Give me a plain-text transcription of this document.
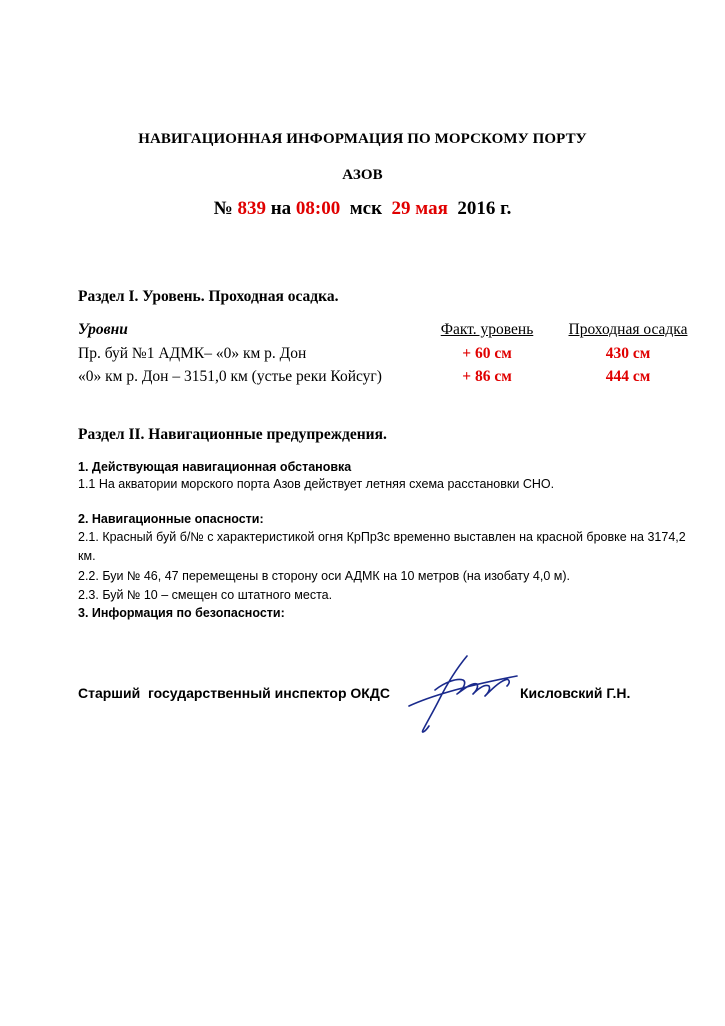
НАВИГАЦИОННАЯ ИНФОРМАЦИЯ ПО МОРСКОМУ ПОРТУ
АЗОВ
№ 839 на 08:00  мск  29 мая  2016 г.
Раздел I. Уровень. Проходная осадка.
Уровни	Факт. уровень	Проходная осадка
Пр. буй №1 АДМК– «0» км р. Дон	+ 60 см	430 см
«0» км р. Дон – 3151,0 км (устье реки Койсуг)	+ 86 см	444 см
Раздел II. Навигационные предупреждения.
1. Действующая навигационная обстановка
1.1 На акватории морского порта Азов действует летняя схема расстановки СНО.
2. Навигационные опасности:
2.1. Красный буй б/№ с характеристикой огня КрПр3с временно выставлен на красной бровке на 3174,2 км.
2.2. Буи № 46, 47 перемещены в сторону оси АДМК на 10 метров (на изобату 4,0 м).
2.3. Буй № 10 – смещен со штатного места.
3. Информация по безопасности:
Старший  государственный инспектор ОКДС	Кисловский Г.Н.
